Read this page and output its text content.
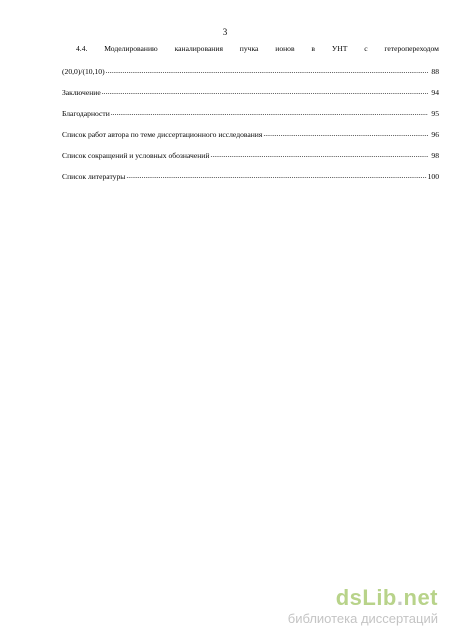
3
4.4. Моделированию каналирования пучка ионов в УНТ с гетеропереходом
(20,0)/(10,10) .....	88
Заключение .....	94
Благодарности .....	95
Список работ автора по теме диссертационного исследования .....	96
Список сокращений и условных обозначений .....	98
Список литературы .....	100
dsLib.net
библиотека диссертаций
